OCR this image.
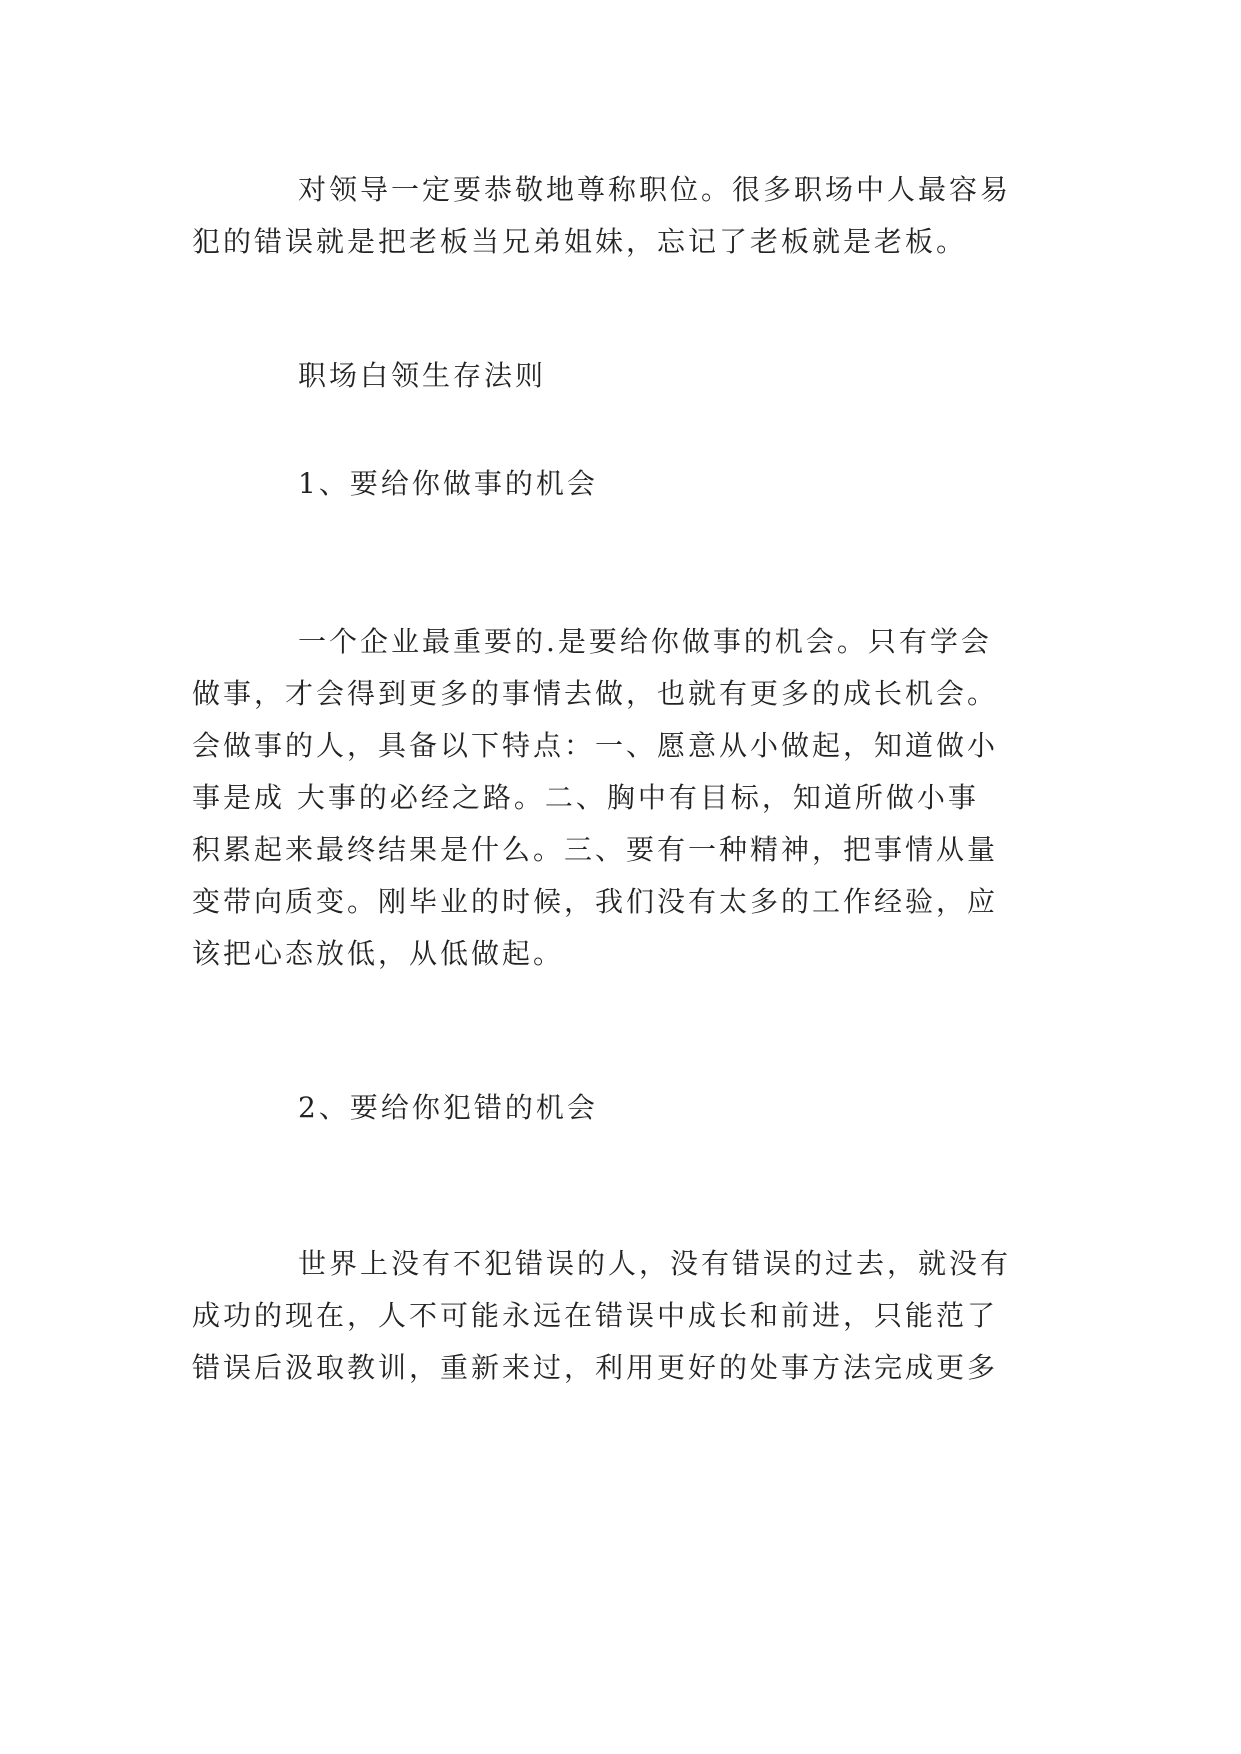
对领导一定要恭敬地尊称职位。很多职场中人最容易
犯的错误就是把老板当兄弟姐妹，忘记了老板就是老板。
职场白领生存法则
1、要给你做事的机会
一个企业最重要的.是要给你做事的机会。只有学会
做事，才会得到更多的事情去做，也就有更多的成长机会。
会做事的人，具备以下特点：一、愿意从小做起，知道做小
事是成 大事的必经之路。二、胸中有目标，知道所做小事
积累起来最终结果是什么。三、要有一种精神，把事情从量
变带向质变。刚毕业的时候，我们没有太多的工作经验，应
该把心态放低，从低做起。
2、要给你犯错的机会
世界上没有不犯错误的人，没有错误的过去，就没有
成功的现在，人不可能永远在错误中成长和前进，只能范了
错误后汲取教训，重新来过，利用更好的处事方法完成更多
